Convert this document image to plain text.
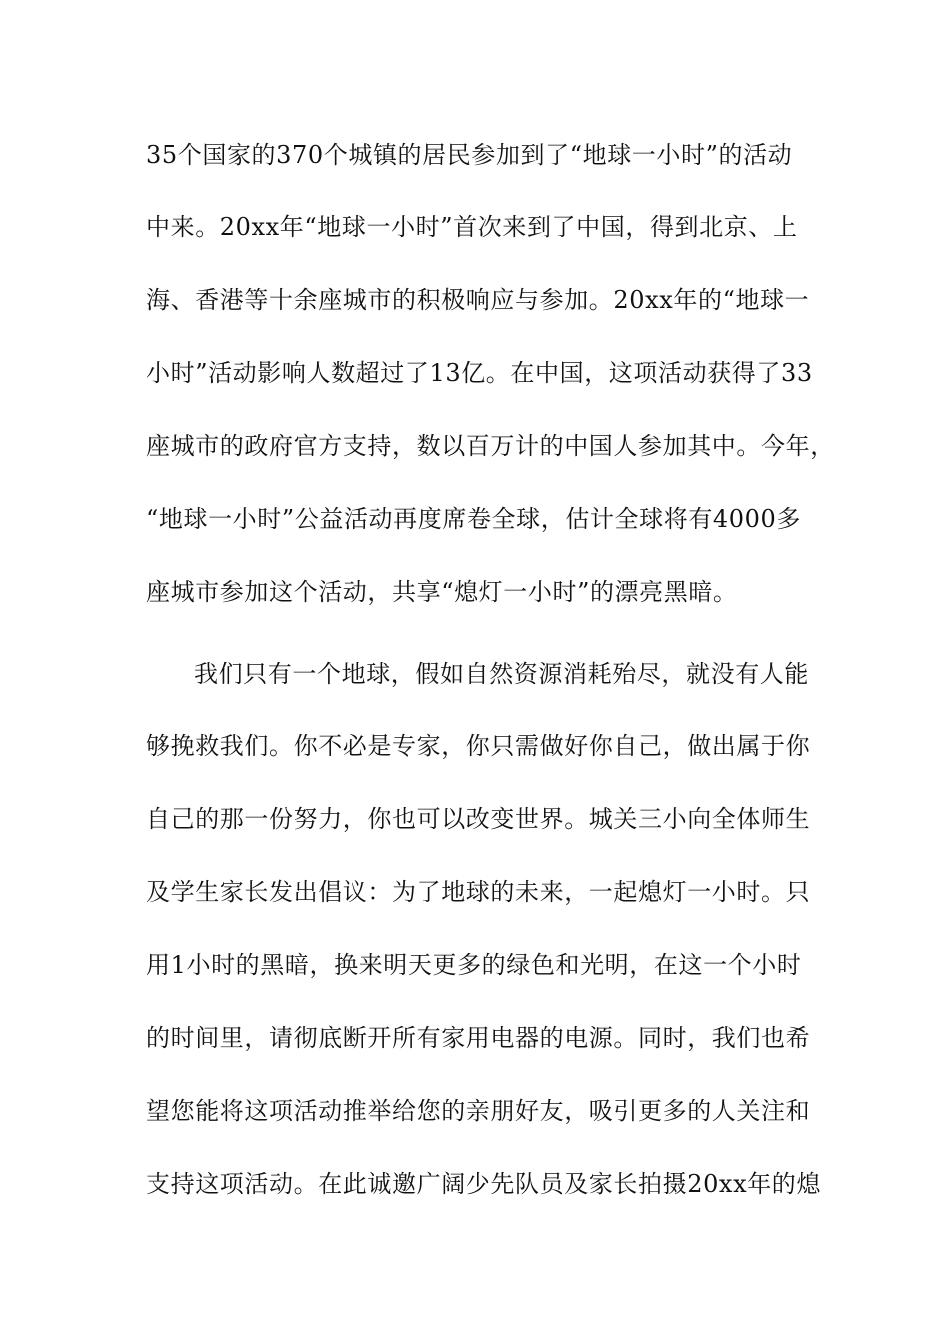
35个国家的370个城镇的居民参加到了“地球一小时”的活动
中来。20xx年“地球一小时”首次来到了中国，得到北京、上
海、香港等十余座城市的积极响应与参加。20xx年的“地球一
小时”活动影响人数超过了13亿。在中国，这项活动获得了33
座城市的政府官方支持，数以百万计的中国人参加其中。今年，
“地球一小时”公益活动再度席卷全球，估计全球将有4000多
座城市参加这个活动，共享“熄灯一小时”的漂亮黑暗。
我们只有一个地球，假如自然资源消耗殆尽，就没有人能
够挽救我们。你不必是专家，你只需做好你自己，做出属于你
自己的那一份努力，你也可以改变世界。城关三小向全体师生
及学生家长发出倡议：为了地球的未来，一起熄灯一小时。只
用1小时的黑暗，换来明天更多的绿色和光明，在这一个小时
的时间里，请彻底断开所有家用电器的电源。同时，我们也希
望您能将这项活动推举给您的亲朋好友，吸引更多的人关注和
支持这项活动。在此诚邀广阔少先队员及家长拍摄20xx年的熄
